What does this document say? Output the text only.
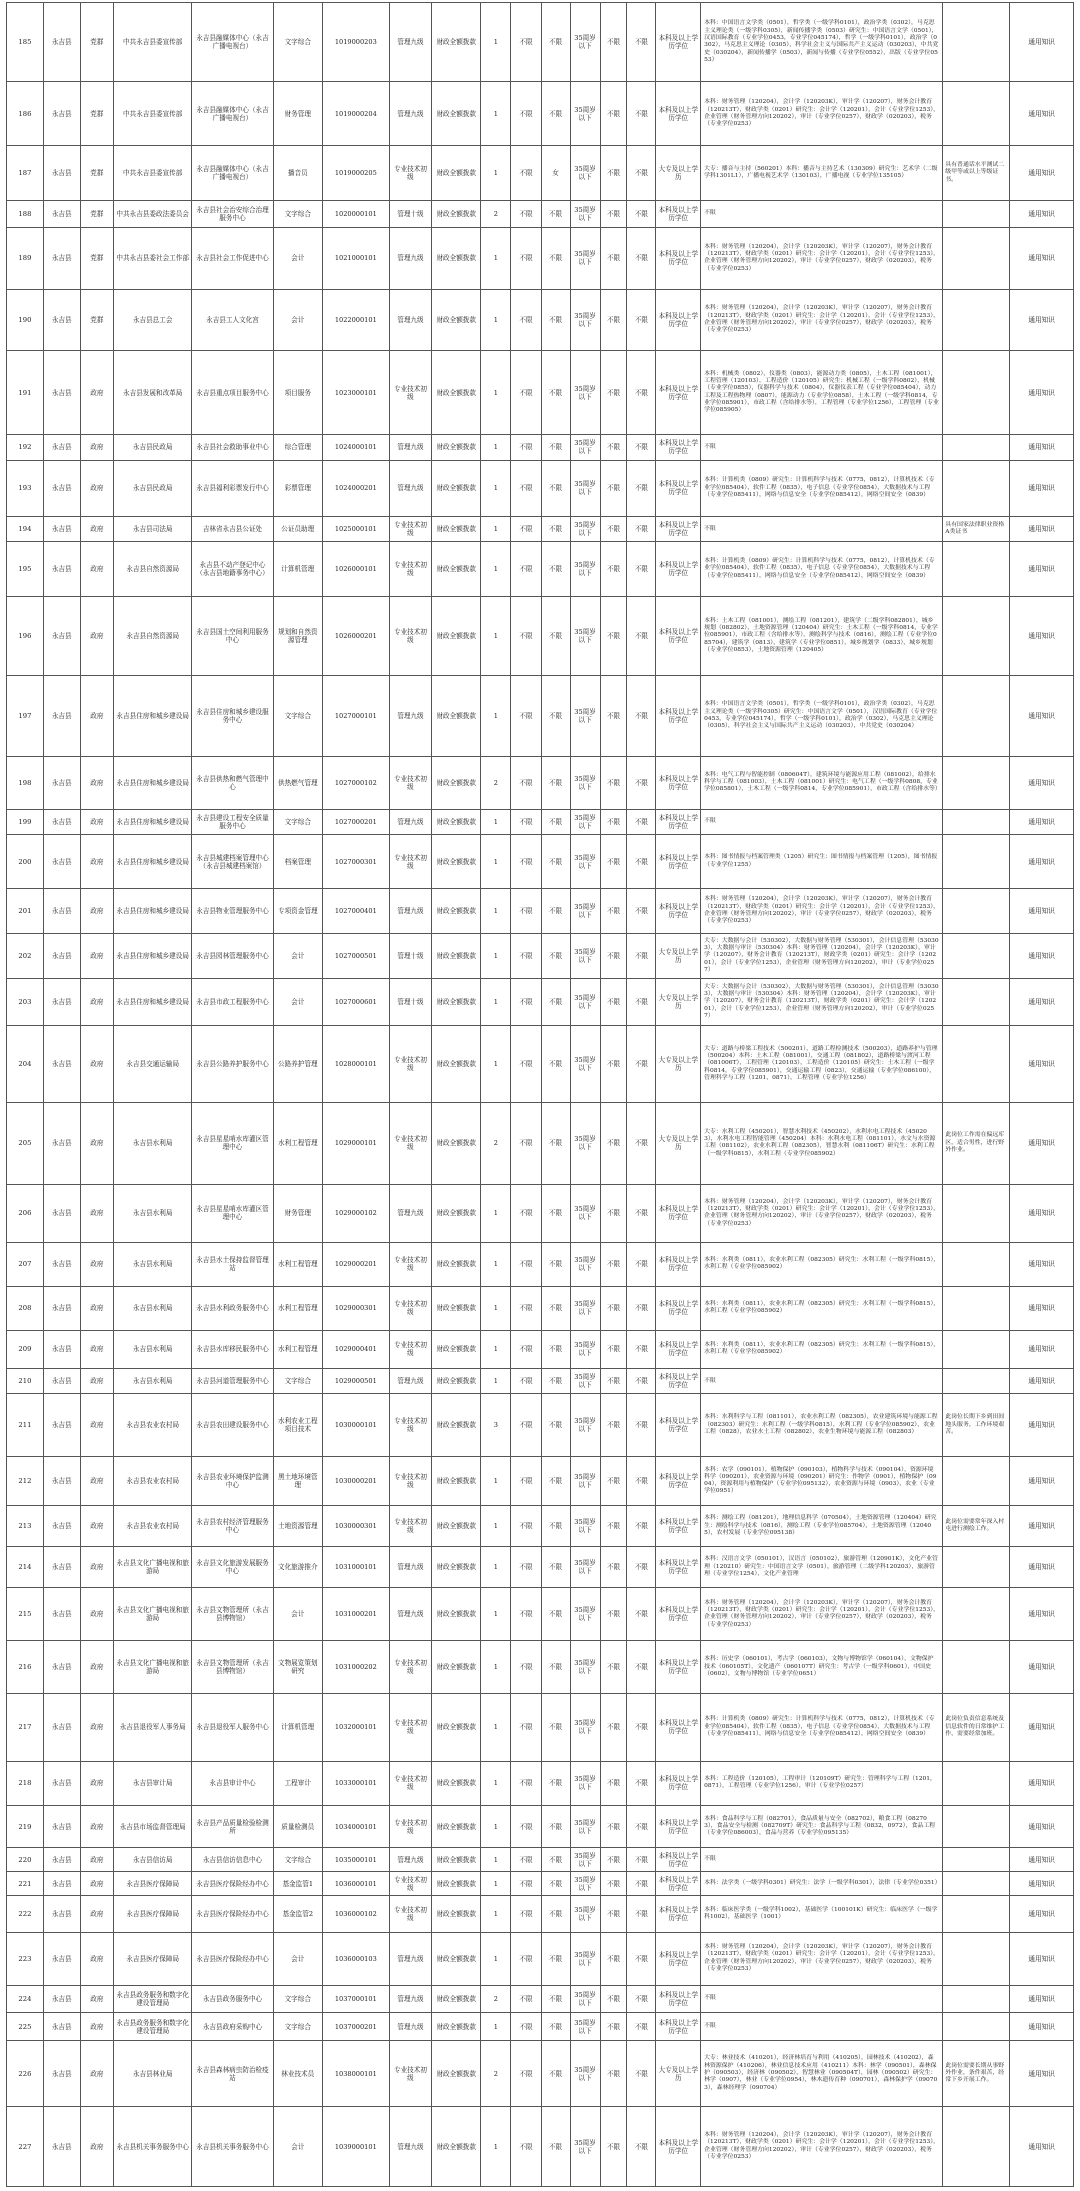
185	永吉县	党群	中共永吉县委宣传部	永吉县融媒体中心（永吉广播电视台）	文字综合	1019000203	管理九级	财政全额拨款	1	不限	不限	35周岁以下	不限	不限	本科及以上学历学位	本科：中国语言文学类（0501），哲学类（一级学科0101），政治学类（0302），马克思主义理论类（一级学科0305），新闻传播学类（0503）研究生：中国语言文学（0501），汉语国际教育（专业学位0453，专业学位045174），哲学（一级学科0101），政治学（0302），马克思主义理论（0305），科学社会主义与国际共产主义运动（030203），中共党史（030204），新闻传播学（0503），新闻与传播（专业学位0552），出版（专业学位0553）		通用知识
186	永吉县	党群	中共永吉县委宣传部	永吉县融媒体中心（永吉广播电视台）	财务管理	1019000204	管理九级	财政全额拨款	1	不限	不限	35周岁以下	不限	不限	本科及以上学历学位	本科：财务管理（120204），会计学（120203K），审计学（120207），财务会计教育（120213T），财政学类（0201）研究生：会计学（120201），会计（专业学位1253），企业管理（财务管理方向120202），审计（专业学位0257），财政学（020203），税务（专业学位0253）		通用知识
187	永吉县	党群	中共永吉县委宣传部	永吉县融媒体中心（永吉广播电视台）	播音员	1019000205	专业技术初级	财政全额拨款	1	不限	女	35周岁以下	不限	不限	大专及以上学历	大专：播音与主持（560201）本科：播音与主持艺术（130309）研究生：艺术学（二级学科1301L1），广播电视艺术学（130103），广播电视（专业学位135105）	具有普通话水平测试二级甲等或以上等级证书。	通用知识
188	永吉县	党群	中共永吉县委政法委员会	永吉县社会治安综合治理服务中心	文字综合	1020000101	管理十级	财政全额拨款	2	不限	不限	35周岁以下	不限	不限	本科及以上学历学位	不限		通用知识
189	永吉县	党群	中共永吉县委社会工作部	永吉县社会工作促进中心	会计	1021000101	管理九级	财政全额拨款	1	不限	不限	35周岁以下	不限	不限	本科及以上学历学位	本科：财务管理（120204），会计学（120203K），审计学（120207），财务会计教育（120213T），财政学类（0201）研究生：会计学（120201），会计（专业学位1253），企业管理（财务管理方向120202），审计（专业学位0257），财政学（020203），税务（专业学位0253）		通用知识
190	永吉县	党群	永吉县总工会	永吉县工人文化宫	会计	1022000101	管理九级	财政全额拨款	1	不限	不限	35周岁以下	不限	不限	本科及以上学历学位	本科：财务管理（120204），会计学（120203K），审计学（120207），财务会计教育（120213T），财政学类（0201）研究生：会计学（120201），会计（专业学位1253），企业管理（财务管理方向120202），审计（专业学位0257），财政学（020203），税务（专业学位0253）		通用知识
191	永吉县	政府	永吉县发展和改革局	永吉县重点项目服务中心	项目服务	1023000101	专业技术初级	财政全额拨款	1	不限	不限	35周岁以下	不限	不限	本科及以上学历学位	本科：机械类（0802），仪器类（0803），能源动力类（0805），土木工程（081001），工程管理（120103），工程造价（120105）研究生：机械工程（一级学科0802），机械（专业学位0855），仪器科学与技术（0804），仪器仪表工程（专业学位085404），动力工程及工程热物理（0807），能源动力（专业学位0858），土木工程（一级学科0814，专业学位085901），市政工程（含给排水等），工程管理（专业学位1256），工程管理（专业学位085905）		通用知识
192	永吉县	政府	永吉县民政局	永吉县社会救助事业中心	综合管理	1024000101	管理九级	财政全额拨款	1	不限	不限	35周岁以下	不限	不限	本科及以上学历学位	不限		通用知识
193	永吉县	政府	永吉县民政局	永吉县福利彩票发行中心	彩票管理	1024000201	管理九级	财政全额拨款	1	不限	不限	35周岁以下	不限	不限	本科及以上学历学位	本科：计算机类（0809）研究生：计算机科学与技术（0775，0812），计算机技术（专业学位085404），软件工程（0835），电子信息（专业学位0854），大数据技术与工程（专业学位085411），网络与信息安全（专业学位085412），网络空间安全（0839）		通用知识
194	永吉县	政府	永吉县司法局	吉林省永吉县公证处	公证员助理	1025000101	专业技术初级	财政全额拨款	1	不限	不限	35周岁以下	不限	不限	本科及以上学历学位	不限	具有国家法律职业资格A类证书	通用知识
195	永吉县	政府	永吉县自然资源局	永吉县不动产登记中心（永吉县地籍事务中心）	计算机管理	1026000101	专业技术初级	财政全额拨款	1	不限	不限	35周岁以下	不限	不限	本科及以上学历学位	本科：计算机类（0809）研究生：计算机科学与技术（0775，0812），计算机技术（专业学位085404），软件工程（0835），电子信息（专业学位0854），大数据技术与工程（专业学位085411），网络与信息安全（专业学位085412），网络空间安全（0839）		通用知识
196	永吉县	政府	永吉县自然资源局	永吉县国土空间利用服务中心	规划和自然资源管理	1026000201	专业技术初级	财政全额拨款	1	不限	不限	35周岁以下	不限	不限	本科及以上学历学位	本科：土木工程（081001），测绘工程（081201），建筑学（二级学科082801），城乡规划（082802），土地资源管理（120404）研究生：土木工程（一级学科0814，专业学位085901），市政工程（含给排水等），测绘科学与技术（0816），测绘工程（专业学位085704），建筑学（0813），建筑学（专业学位0851），城乡规划学（0833），城乡规划（专业学位0853），土地资源管理（120405）		通用知识
197	永吉县	政府	永吉县住房和城乡建设局	永吉县住房和城乡建设服务中心	文字综合	1027000101	管理九级	财政全额拨款	1	不限	不限	35周岁以下	不限	不限	本科及以上学历学位	本科：中国语言文学类（0501），哲学类（一级学科0101），政治学类（0302），马克思主义理论类（一级学科0305）研究生：中国语言文学（0501），汉语国际教育（专业学位0453，专业学位045174），哲学（一级学科0101），政治学（0302），马克思主义理论（0305），科学社会主义与国际共产主义运动（030203），中共党史（030204）		通用知识
198	永吉县	政府	永吉县住房和城乡建设局	永吉县供热和燃气管理中心	供热燃气管理	1027000102	专业技术初级	财政全额拨款	2	不限	不限	35周岁以下	不限	不限	本科及以上学历学位	本科：电气工程与智能控制（080604T），建筑环境与能源应用工程（081002），给排水科学与工程（081003），土木工程（081001）研究生：电气工程（一级学科0808，专业学位085801），土木工程（一级学科0814，专业学位085901），市政工程（含给排水等）		通用知识
199	永吉县	政府	永吉县住房和城乡建设局	永吉县建设工程安全质量服务中心	文字综合	1027000201	管理九级	财政全额拨款	1	不限	不限	35周岁以下	不限	不限	本科及以上学历学位	不限		通用知识
200	永吉县	政府	永吉县住房和城乡建设局	永吉县城建档案管理中心（永吉县城建档案馆）	档案管理	1027000301	专业技术初级	财政全额拨款	1	不限	不限	35周岁以下	不限	不限	本科及以上学历学位	本科：图书情报与档案管理类（1205）研究生：图书情报与档案管理（1205），图书情报（专业学位1255）		通用知识
201	永吉县	政府	永吉县住房和城乡建设局	永吉县物业管理服务中心	专项资金管理	1027000401	管理九级	财政全额拨款	1	不限	不限	35周岁以下	不限	不限	本科及以上学历学位	本科：财务管理（120204），会计学（120203K），审计学（120207），财务会计教育（120213T），财政学类（0201）研究生：会计学（120201），会计（专业学位1253），企业管理（财务管理方向120202），审计（专业学位0257），财政学（020203），税务（专业学位0253）		通用知识
202	永吉县	政府	永吉县住房和城乡建设局	永吉县园林管理服务中心	会计	1027000501	管理十级	财政全额拨款	1	不限	不限	35周岁以下	不限	不限	大专及以上学历	大专：大数据与会计（530302），大数据与财务管理（530301），会计信息管理（530303），大数据与审计（530304）本科：财务管理（120204），会计学（120203K），审计学（120207），财务会计教育（120213T），财政学类（0201）研究生：会计学（120201），会计（专业学位1253），企业管理（财务管理方向120202），审计（专业学位0257）		通用知识
203	永吉县	政府	永吉县住房和城乡建设局	永吉县市政工程服务中心	会计	1027000601	管理十级	财政全额拨款	1	不限	不限	35周岁以下	不限	不限	大专及以上学历	大专：大数据与会计（530302），大数据与财务管理（530301），会计信息管理（530303），大数据与审计（530304）本科：财务管理（120204），会计学（120203K），审计学（120207），财务会计教育（120213T），财政学类（0201）研究生：会计学（120201），会计（专业学位1253），企业管理（财务管理方向120202），审计（专业学位0257）		通用知识
204	永吉县	政府	永吉县交通运输局	永吉县公路养护服务中心	公路养护管理	1028000101	专业技术初级	财政全额拨款	1	不限	不限	35周岁以下	不限	不限	大专及以上学历	大专：道路与桥梁工程技术（500201），道路工程检测技术（500203），道路养护与管理（500204）本科：土木工程（081001），交通工程（081802），道路桥梁与渡河工程（081006T），工程管理（120103），工程造价（120105）研究生：土木工程（一级学科0814，专业学位085901），交通运输工程（0823），交通运输（专业学位086100），管理科学与工程（1201，0871），工程管理（专业学位1256）		通用知识
205	永吉县	政府	永吉县水利局	永吉县星星哨水库灌区管理中心	水利工程管理	1029000101	专业技术初级	财政全额拨款	2	不限	不限	35周岁以下	不限	不限	大专及以上学历	大专：水利工程（450201），智慧水利技术（450202），水利水电工程技术（450203），水利水电工程智能管理（450204）本科：水利水电工程（081101），水文与水资源工程（081102），农业水利工程（082305），智慧水利（081106T）研究生：水利工程（一级学科0815），水利工程（专业学位085902）	此岗位工作需在偏远库区，适合男性，进行野外作业。	通用知识
206	永吉县	政府	永吉县水利局	永吉县星星哨水库灌区管理中心	财务管理	1029000102	管理九级	财政全额拨款	1	不限	不限	35周岁以下	不限	不限	本科及以上学历学位	本科：财务管理（120204），会计学（120203K），审计学（120207），财务会计教育（120213T），财政学类（0201）研究生：会计学（120201），会计（专业学位1253），企业管理（财务管理方向120202），审计（专业学位0257），财政学（020203），税务（专业学位0253）		通用知识
207	永吉县	政府	永吉县水利局	永吉县水土保持监督管理站	水利工程管理	1029000201	专业技术初级	财政全额拨款	1	不限	不限	35周岁以下	不限	不限	本科及以上学历学位	本科：水利类（0811），农业水利工程（082305）研究生：水利工程（一级学科0815），水利工程（专业学位085902）		通用知识
208	永吉县	政府	永吉县水利局	永吉县水利政务服务中心	水利工程管理	1029000301	专业技术初级	财政全额拨款	1	不限	不限	35周岁以下	不限	不限	本科及以上学历学位	本科：水利类（0811），农业水利工程（082305）研究生：水利工程（一级学科0815），水利工程（专业学位085902）		通用知识
209	永吉县	政府	永吉县水利局	永吉县水库移民服务中心	水利工程管理	1029000401	专业技术初级	财政全额拨款	1	不限	不限	35周岁以下	不限	不限	本科及以上学历学位	本科：水利类（0811），农业水利工程（082305）研究生：水利工程（一级学科0815），水利工程（专业学位085902）		通用知识
210	永吉县	政府	永吉县水利局	永吉县河道管理服务中心	文字综合	1029000501	管理九级	财政全额拨款	1	不限	不限	35周岁以下	不限	不限	本科及以上学历学位	不限		通用知识
211	永吉县	政府	永吉县农业农村局	永吉县农田建设服务中心	水利农业工程项目技术	1030000101	专业技术初级	财政全额拨款	3	不限	不限	35周岁以下	不限	不限	本科及以上学历学位	本科：水利科学与工程（081101），农业水利工程（082305），农业建筑环境与能源工程（082303）研究生：水利工程（一级学科0815），水利工程（专业学位085902），农业工程（0828），农业水土工程（082802），农业生物环境与能源工程（082803）	此岗位长期下乡到田间地头服务，工作环境艰苦。	通用知识
212	永吉县	政府	永吉县农业农村局	永吉县农业环境保护监测中心	黑土地环境管理	1030000201	专业技术初级	财政全额拨款	1	不限	不限	35周岁以下	不限	不限	本科及以上学历学位	本科：农学（090101），植物保护（090103），植物科学与技术（090104），资源环境科学（090201），农业资源与环境（090201）研究生：作物学（0901），植物保护（0904），资源利用与植物保护（专业学位095132），农业资源与环境（0903），农业（专业学位0951）		通用知识
213	永吉县	政府	永吉县农业农村局	永吉县农村经济管理服务中心	土地资源管理	1030000301	专业技术初级	财政全额拨款	1	不限	不限	35周岁以下	不限	不限	本科及以上学历学位	本科：测绘工程（081201），地理信息科学（070504），土地资源管理（120404）研究生：测绘科学与技术（0816），测绘工程（专业学位085704），土地资源管理（120405），农村发展（专业学位095138）	此岗位需要常年深入村屯进行测绘工作。	通用知识
214	永吉县	政府	永吉县文化广播电视和旅游局	永吉县文化旅游发展服务中心	文化旅游推介	1031000101	管理九级	财政全额拨款	1	不限	不限	35周岁以下	不限	不限	本科及以上学历学位	本科：汉语言文学（050101），汉语言（050102），旅游管理（120901K），文化产业管理（120210）研究生：中国语言文学（0501），旅游管理（二级学科120203），旅游管理（专业学位1254），文化产业管理		通用知识
215	永吉县	政府	永吉县文化广播电视和旅游局	永吉县文物管理所（永吉县博物馆）	会计	1031000201	管理九级	财政全额拨款	1	不限	不限	35周岁以下	不限	不限	本科及以上学历学位	本科：财务管理（120204），会计学（120203K），审计学（120207），财务会计教育（120213T），财政学类（0201）研究生：会计学（120201），会计（专业学位1253），企业管理（财务管理方向120202），审计（专业学位0257），财政学（020203），税务（专业学位0253）		通用知识
216	永吉县	政府	永吉县文化广播电视和旅游局	永吉县文物管理所（永吉县博物馆）	文物展览策划研究	1031000202	专业技术初级	财政全额拨款	1	不限	不限	35周岁以下	不限	不限	本科及以上学历学位	本科：历史学（060101），考古学（060103），文物与博物馆学（060104），文物保护技术（060105T），文化遗产（060107T）研究生：考古学（一级学科0601），中国史（0602），文物与博物馆（专业学位0651）		通用知识
217	永吉县	政府	永吉县退役军人事务局	永吉县退役军人服务中心	计算机管理	1032000101	专业技术初级	财政全额拨款	1	不限	不限	35周岁以下	不限	不限	本科及以上学历学位	本科：计算机类（0809）研究生：计算机科学与技术（0775，0812），计算机技术（专业学位085404），软件工程（0835），电子信息（专业学位0854），大数据技术与工程（专业学位085411），网络与信息安全（专业学位085412），网络空间安全（0839）	此岗位负责信息系统及信息软件的日常维护工作，需要经常加班。	通用知识
218	永吉县	政府	永吉县审计局	永吉县审计中心	工程审计	1033000101	专业技术初级	财政全额拨款	1	不限	不限	35周岁以下	不限	不限	本科及以上学历学位	本科：工程造价（120105），工程审计（120109T）研究生：管理科学与工程（1201，0871），工程管理（专业学位1256），审计（专业学位0257）		通用知识
219	永吉县	政府	永吉县市场监督管理局	永吉县产品质量检验检测所	质量检测员	1034000101	专业技术初级	财政全额拨款	1	不限	不限	35周岁以下	不限	不限	本科及以上学历学位	本科：食品科学与工程（082701），食品质量与安全（082702），粮食工程（082703），食品安全与检测（082709T）研究生：食品科学与工程（0832，0972），食品工程（专业学位086003），食品与营养（专业学位095135）		通用知识
220	永吉县	政府	永吉县信访局	永吉县信访信息中心	文字综合	1035000101	管理九级	财政全额拨款	1	不限	不限	35周岁以下	不限	不限	本科及以上学历学位	不限		通用知识
221	永吉县	政府	永吉县医疗保障局	永吉县医疗保险经办中心	基金监管1	1036000101	专业技术初级	财政全额拨款	1	不限	不限	35周岁以下	不限	不限	本科及以上学历学位	本科：法学类（一级学科0301）研究生：法学（一级学科0301），法律（专业学位0351）		通用知识
222	永吉县	政府	永吉县医疗保障局	永吉县医疗保险经办中心	基金监管2	1036000102	专业技术初级	财政全额拨款	1	不限	不限	35周岁以下	不限	不限	本科及以上学历学位	本科：临床医学类（一级学科1002），基础医学（100101K）研究生：临床医学（一级学科1002），基础医学（1001）		通用知识
223	永吉县	政府	永吉县医疗保障局	永吉县医疗保险经办中心	会计	1036000103	管理九级	财政全额拨款	1	不限	不限	35周岁以下	不限	不限	本科及以上学历学位	本科：财务管理（120204），会计学（120203K），审计学（120207），财务会计教育（120213T），财政学类（0201）研究生：会计学（120201），会计（专业学位1253），企业管理（财务管理方向120202），审计（专业学位0257），财政学（020203），税务（专业学位0253）		通用知识
224	永吉县	政府	永吉县政务服务和数字化建设管理局	永吉县政务服务中心	文字综合	1037000101	管理九级	财政全额拨款	2	不限	不限	35周岁以下	不限	不限	本科及以上学历学位	不限		通用知识
225	永吉县	政府	永吉县政务服务和数字化建设管理局	永吉县政府采购中心	文字综合	1037000201	管理九级	财政全额拨款	1	不限	不限	35周岁以下	不限	不限	本科及以上学历学位	不限		通用知识
226	永吉县	政府	永吉县林业局	永吉县森林病虫防治检疫站	林业技术员	1038000101	专业技术初级	财政全额拨款	2	不限	不限	35周岁以下	不限	不限	大专及以上学历	大专：林业技术（410201），经济林培育与利用（410205），园林技术（410202），森林资源保护（410206），林业信息技术应用（410211）本科：林学（090501），森林保护（090503），经济林（090502），智慧林业（090504T），园林（090502）研究生：林学（0907），林业（专业学位0954），林木遗传育种（090701），森林保护学（090703），森林经理学（090704）	此岗位需要长期从事野外作业，条件艰苦，经常下乡开展工作。	通用知识
227	永吉县	政府	永吉县机关事务服务中心	永吉县机关事务服务中心	会计	1039000101	管理九级	财政全额拨款	1	不限	不限	35周岁以下	不限	不限	本科及以上学历学位	本科：财务管理（120204），会计学（120203K），审计学（120207），财务会计教育（120213T），财政学类（0201）研究生：会计学（120201），会计（专业学位1253），企业管理（财务管理方向120202），审计（专业学位0257），财政学（020203），税务（专业学位0253）		通用知识
